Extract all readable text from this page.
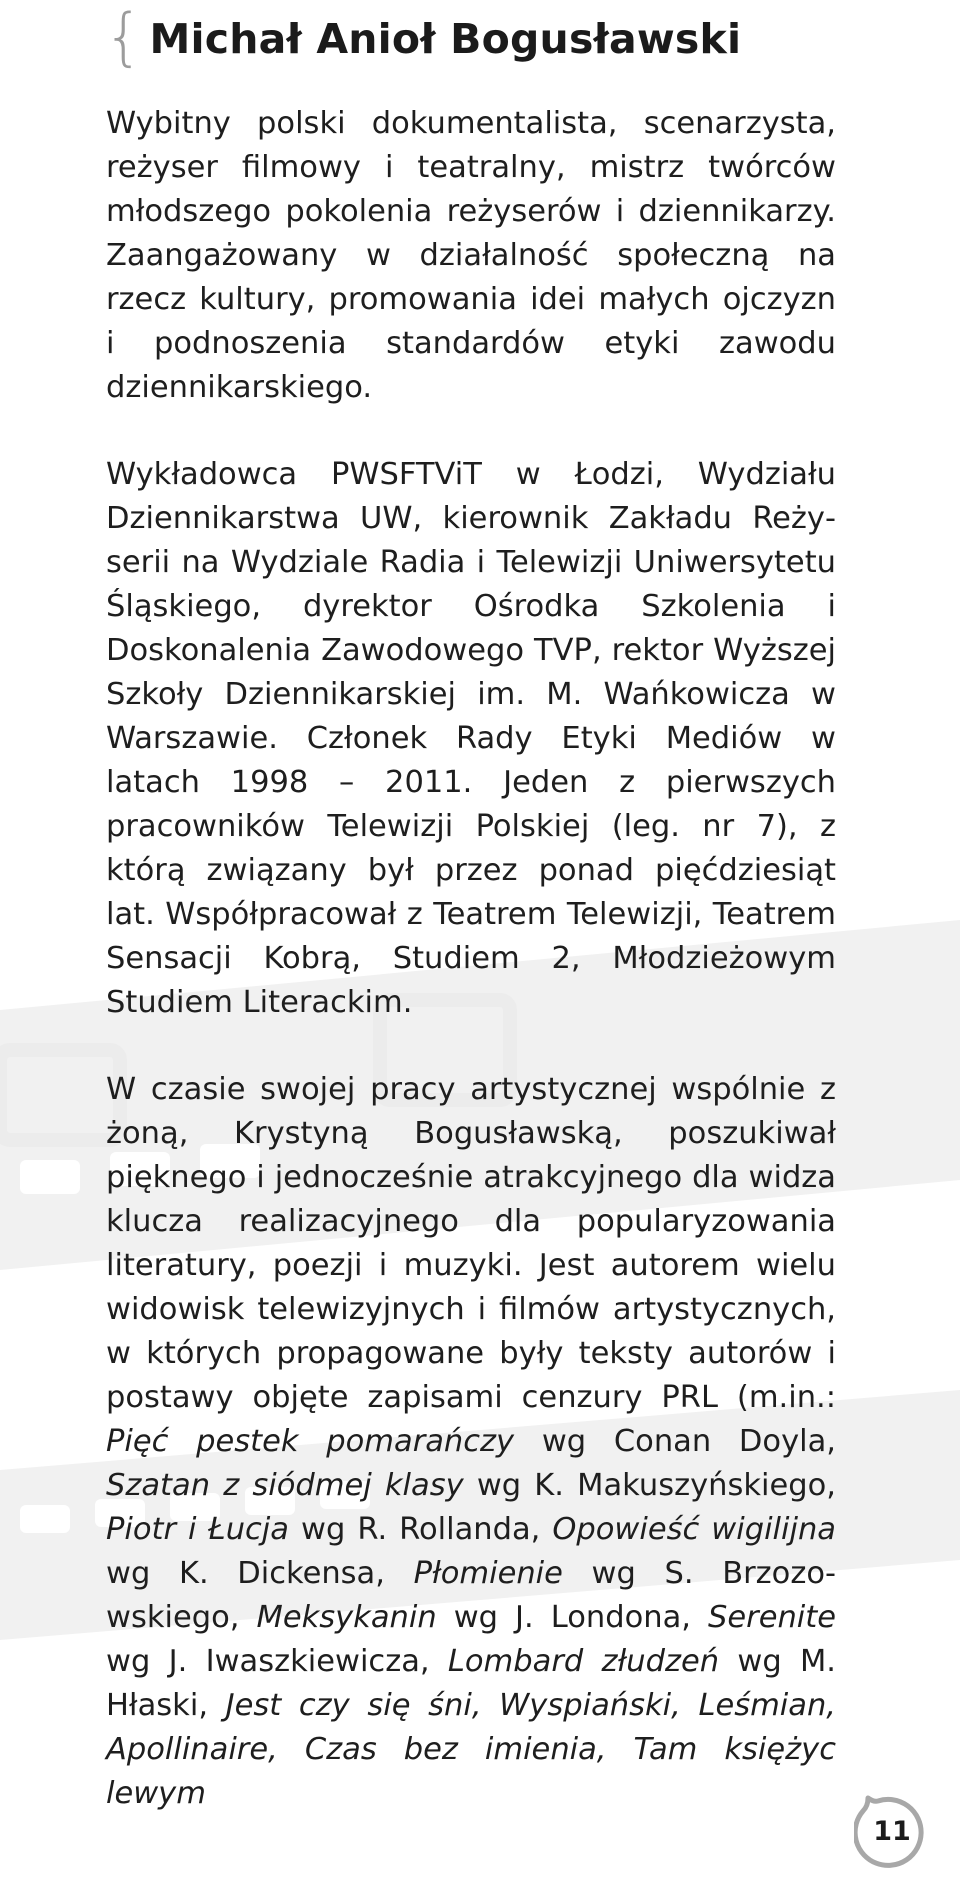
{ Michał Anioł Bogusławski

Wybitny polski dokumentalista, scenarzysta, reżyser filmowy i teatralny, mistrz twórców młodszego pokolenia reżyserów i dziennikarzy. Zaangażowany w działalność społeczną na rzecz kultury, promowania idei małych ojczyzn i podnoszenia standardów etyki zawodu dziennikarskiego.

Wykładowca PWSFTViT w Łodzi, Wydziału Dziennikarstwa UW, kierownik Zakładu Reżyserii na Wydziale Radia i Telewizji Uniwersytetu Śląskiego, dyrektor Ośrodka Szkolenia i Doskonalenia Zawodowego TVP, rektor Wyższej Szkoły Dziennikarskiej im. M. Wańkowicza w Warszawie. Członek Rady Etyki Mediów w latach 1998 – 2011. Jeden z pierwszych pracowników Telewizji Polskiej (leg. nr 7), z którą związany był przez ponad pięćdziesiąt lat. Współpracował z Teatrem Telewizji, Teatrem Sensacji Kobrą, Studiem 2, Młodzieżowym Studiem Literackim.

W czasie swojej pracy artystycznej wspólnie z żoną, Krystyną Bogusławską, poszukiwał pięknego i jednocześnie atrakcyjnego dla widza klucza realizacyjnego dla popularyzowania literatury, poezji i muzyki. Jest autorem wielu widowisk telewizyjnych i filmów artystycznych, w których propagowane były teksty autorów i postawy objęte zapisami cenzury PRL (m.in.: Pięć pestek pomarańczy wg Conan Doyla, Szatan z siódmej klasy wg K. Makuszyńskiego, Piotr i Łucja wg R. Rollanda, Opowieść wigilijna wg K. Dickensa, Płomienie wg S. Brzozowskiego, Meksykanin wg J. Londona, Serenite wg J. Iwaszkiewicza, Lombard złudzeń wg M. Hłaski, Jest czy się śni, Wyspiański, Leśmian, Apollinaire, Czas bez imienia, Tam księżyc lewym

11
